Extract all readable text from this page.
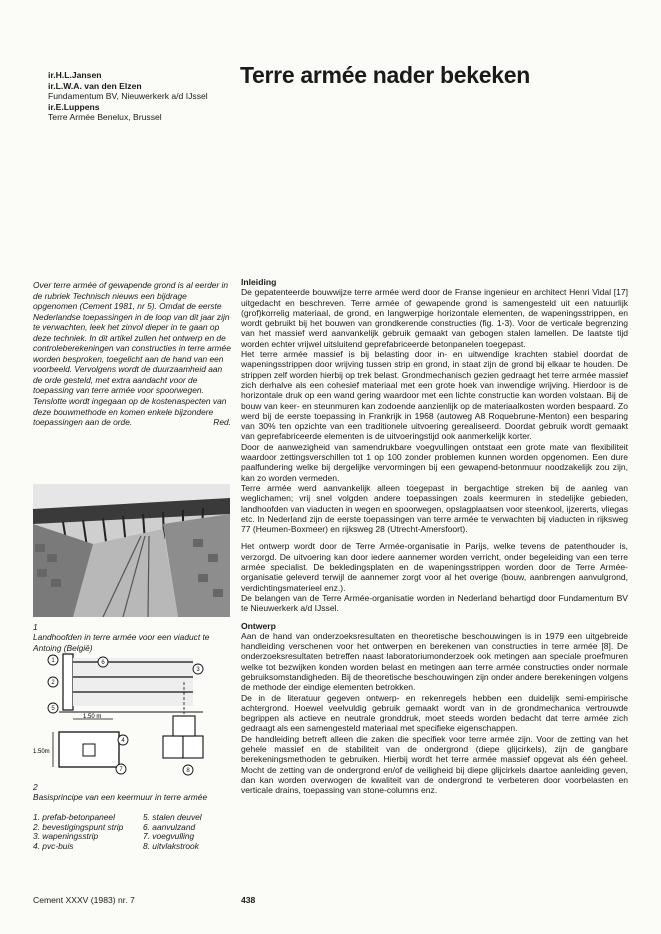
ir.H.L.Jansen
ir.L.W.A. van den Elzen
Fundamentum BV, Nieuwerkerk a/d IJssel
ir.E.Luppens
Terre Armée Benelux, Brussel
Terre armée nader bekeken
Over terre armée of gewapende grond is al eerder in de rubriek Technisch nieuws een bijdrage opgenomen (Cement 1981, nr 5). Omdat de eerste Nederlandse toepassingen in de loop van dit jaar zijn te verwachten, leek het zinvol dieper in te gaan op deze techniek. In dit artikel zullen het ontwerp en de controleberekeningen van constructies in terre armée worden besproken, toegelicht aan de hand van een voorbeeld. Vervolgens wordt de duurzaamheid aan de orde gesteld, met extra aandacht voor de toepassing van terre armée voor spoorwegen. Tenslotte wordt ingegaan op de kostenaspecten van deze bouwmethode en komen enkele bijzondere toepassingen aan de orde.	Red.
1
Landhoofden in terre armée voor een viaduct te Antoing (België)
1.50 m
1.50m
1
2
3
4
5
6
7	8
2
Basisprincipe van een keermuur in terre armée
1. prefab-betonpaneel	5. stalen deuvel
2. bevestigingspunt strip	6. aanvulzand
3. wapeningsstrip	7. voegvulling
4. pvc-buis	8. uitvlakstrook
Inleiding

De gepatenteerde bouwwijze terre armée werd door de Franse ingenieur en architect Henri Vidal [17] uitgedacht en beschreven. Terre armée of gewapende grond is samengesteld uit een natuurlijk (grof)korrelig materiaal, de grond, en langwerpige horizontale elementen, de wapeningsstrippen, en wordt gebruikt bij het bouwen van grondkerende constructies (fig. 1-3). Voor de verticale begrenzing van het massief werd aanvankelijk gebruik gemaakt van gebogen stalen lamellen. De laatste tijd worden echter vrijwel uitsluitend geprefabriceerde betonpanelen toegepast.

Het terre armée massief is bij belasting door in- en uitwendige krachten stabiel doordat de wapeningsstrippen door wrijving tussen strip en grond, in staat zijn de grond bij elkaar te houden. De strippen zelf worden hierbij op trek belast. Grondmechanisch gezien gedraagt het terre armée massief zich derhalve als een cohesief materiaal met een grote hoek van inwendige wrijving. Hierdoor is de horizontale druk op een wand gering waardoor met een lichte constructie kan worden volstaan. Bij de bouw van keer- en steunmuren kan zodoende aanzienlijk op de materiaalkosten worden bespaard. Zo werd bij de eerste toepassing in Frankrijk in 1968 (autoweg A8 Roquebrune-Menton) een besparing van 30% ten opzichte van een traditionele uitvoering gerealiseerd. Doordat gebruik wordt gemaakt van geprefabriceerde elementen is de uitvoeringstijd ook aanmerkelijk korter.

Door de aanwezigheid van samendrukbare voegvullingen ontstaat een grote mate van flexibiliteit waardoor zettingsverschillen tot 1 op 100 zonder problemen kunnen worden opgenomen. Een dure paalfundering welke bij dergelijke vervormingen bij een gewapend-betonmuur noodzakelijk zou zijn, kan zo worden vermeden.

Terre armée werd aanvankelijk alleen toegepast in bergachtige streken bij de aanleg van weglichamen; vrij snel volgden andere toepassingen zoals keermuren in stedelijke gebieden, landhoofden van viaducten in wegen en spoorwegen, opslagplaatsen voor steenkool, ijzererts, vliegas etc. In Nederland zijn de eerste toepassingen van terre armée te verwachten bij viaducten in rijksweg 77 (Heumen-Boxmeer) en rijksweg 28 (Utrecht-Amersfoort).

Het ontwerp wordt door de Terre Armée-organisatie in Parijs, welke tevens de patenthouder is, verzorgd. De uitvoering kan door iedere aannemer worden verricht, onder begeleiding van een terre armée specialist. De bekledingsplaten en de wapeningsstrippen worden door de Terre Armée-organisatie geleverd terwijl de aannemer zorgt voor al het overige (bouw, aanbrengen aanvulgrond, verdichtingsmaterieel enz.).

De belangen van de Terre Armée-organisatie worden in Nederland behartigd door Fundamentum BV te Nieuwerkerk a/d IJssel.

Ontwerp

Aan de hand van onderzoeksresultaten en theoretische beschouwingen is in 1979 een uitgebreide handleiding verschenen voor het ontwerpen en berekenen van constructies in terre armée [8]. De onderzoeksresultaten betreffen naast laboratoriumonderzoek ook metingen aan speciale proefmuren welke tot bezwijken konden worden belast en metingen aan terre armée constructies onder normale gebruiksomstandigheden. Bij de theoretische beschouwingen zijn onder andere berekeningen volgens de methode der eindige elementen betrokken.

De in de literatuur gegeven ontwerp- en rekenregels hebben een duidelijk semi-empirische achtergrond. Hoewel veelvuldig gebruik gemaakt wordt van in de grondmechanica vertrouwde begrippen als actieve en neutrale gronddruk, moet steeds worden bedacht dat terre armée zich gedraagt als een samengesteld materiaal met specifieke eigenschappen.

De handleiding betreft alleen die zaken die specifiek voor terre armée zijn. Voor de zetting van het gehele massief en de stabiliteit van de ondergrond (diepe glijcirkels), zijn de gangbare berekeningsmethoden te gebruiken. Hierbij wordt het terre armée massief opgevat als één geheel. Mocht de zetting van de ondergrond en/of de veiligheid bij diepe glijcirkels daartoe aanleiding geven, dan kan worden overwogen de kwaliteit van de ondergrond te verbeteren door voorbelasten en verticale drains, toepassing van stone-columns enz.

Cement XXXV (1983) nr. 7	438
